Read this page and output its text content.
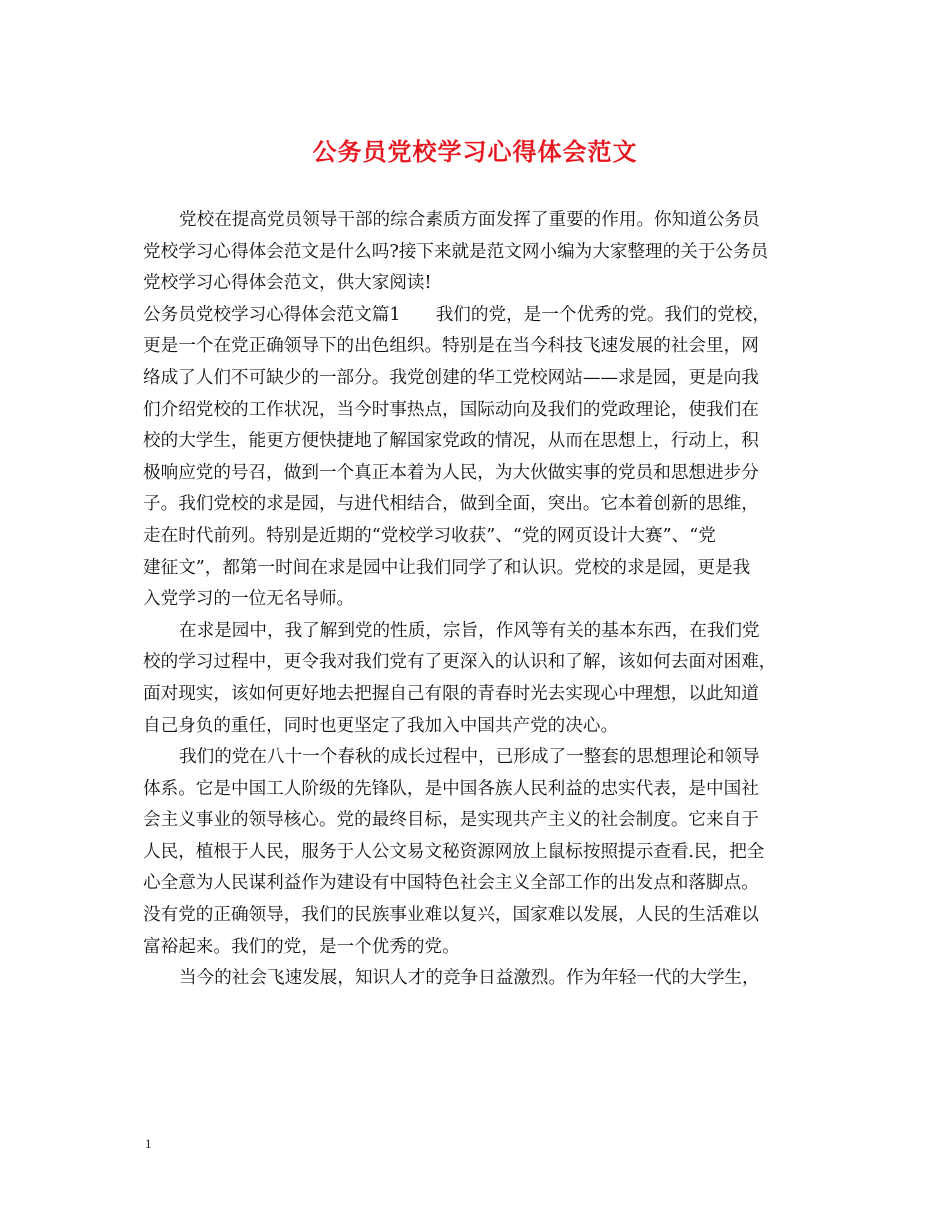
公务员党校学习心得体会范文
党校在提高党员领导干部的综合素质方面发挥了重要的作用。你知道公务员
党校学习心得体会范文是什么吗?接下来就是范文网小编为大家整理的关于公务员
党校学习心得体会范文，供大家阅读!
公务员党校学习心得体会范文篇1　　我们的党，是一个优秀的党。我们的党校，
更是一个在党正确领导下的出色组织。特别是在当今科技飞速发展的社会里，网
络成了人们不可缺少的一部分。我党创建的华工党校网站——求是园，更是向我
们介绍党校的工作状况，当今时事热点，国际动向及我们的党政理论，使我们在
校的大学生，能更方便快捷地了解国家党政的情况，从而在思想上，行动上，积
极响应党的号召，做到一个真正本着为人民，为大伙做实事的党员和思想进步分
子。我们党校的求是园，与进代相结合，做到全面，突出。它本着创新的思维，
走在时代前列。特别是近期的“党校学习收获”、“党的网页设计大赛”、“党
建征文”，都第一时间在求是园中让我们同学了和认识。党校的求是园，更是我
入党学习的一位无名导师。
在求是园中，我了解到党的性质，宗旨，作风等有关的基本东西，在我们党
校的学习过程中，更令我对我们党有了更深入的认识和了解，该如何去面对困难，
面对现实，该如何更好地去把握自己有限的青春时光去实现心中理想，以此知道
自己身负的重任，同时也更坚定了我加入中国共产党的决心。
我们的党在八十一个春秋的成长过程中，已形成了一整套的思想理论和领导
体系。它是中国工人阶级的先锋队，是中国各族人民利益的忠实代表，是中国社
会主义事业的领导核心。党的最终目标，是实现共产主义的社会制度。它来自于
人民，植根于人民，服务于人公文易文秘资源网放上鼠标按照提示查看.民，把全
心全意为人民谋利益作为建设有中国特色社会主义全部工作的出发点和落脚点。
没有党的正确领导，我们的民族事业难以复兴，国家难以发展，人民的生活难以
富裕起来。我们的党，是一个优秀的党。
当今的社会飞速发展，知识人才的竞争日益激烈。作为年轻一代的大学生，
1
